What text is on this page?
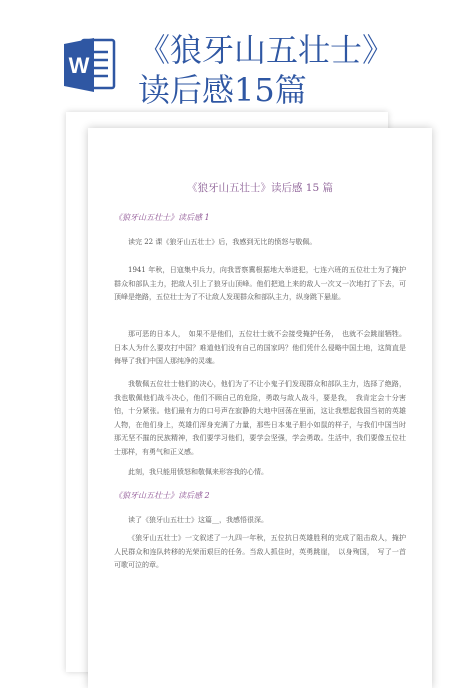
W 《狼牙山五壮士》
读后感15篇
《狼牙山五壮士》读后感 15 篇
《狼牙山五壮士》读后感 1

读完 22 课《狼牙山五壮士》后，我感到无比的愤怒与敬佩。

1941 年秋，日寇集中兵力，向我晋察冀根据地大举进犯，七连六班的五位壮士为了掩护群众和部队主力，把敌人引上了狼牙山顶峰。他们把追上来的敌人一次又一次地打了下去，可顶峰是绝路，五位壮士为了不让敌人发现群众和部队主力，纵身跳下悬崖。

那可恶的日本人，　如果不是他们，五位壮士就不会接受掩护任务，　也就不会跳崖牺牲。日本人为什么要攻打中国？难道他们没有自己的国家吗？他们凭什么侵略中国土地，这简直是侮辱了我们中国人那纯净的灵魂。

我敬佩五位壮士他们的决心，他们为了不让小鬼子们发现群众和部队主力，选择了绝路，我也敬佩他们战斗决心，他们不顾自己的危险，勇敢与敌人战斗，要是我，　我肯定会十分害怕，十分紧张。他们最有力的口号声在寂静的大地中回荡在里面，这让我想起我国当初的英雄人物，在他们身上，英雄们浑身充满了力量，那些日本鬼子胆小如鼠的样子，与我们中国当时那无坚不摧的民族精神，我们要学习他们，要学会坚强，学会勇敢。生活中，我们要像五位壮士那样，有勇气和正义感。

此刻，我只能用愤怒和敬佩来形容我的心情。

《狼牙山五壮士》读后感 2

读了《狼牙山五壮士》这篇__，我感悟很深。

《狼牙山五壮士》一文叙述了一九四一年秋，五位抗日英雄胜利的完成了阻击敌人，掩护人民群众和连队转移的光荣而艰巨的任务。当敌人抓住时，英勇跳崖，　以身殉国，　写了一首可歌可泣的章。
